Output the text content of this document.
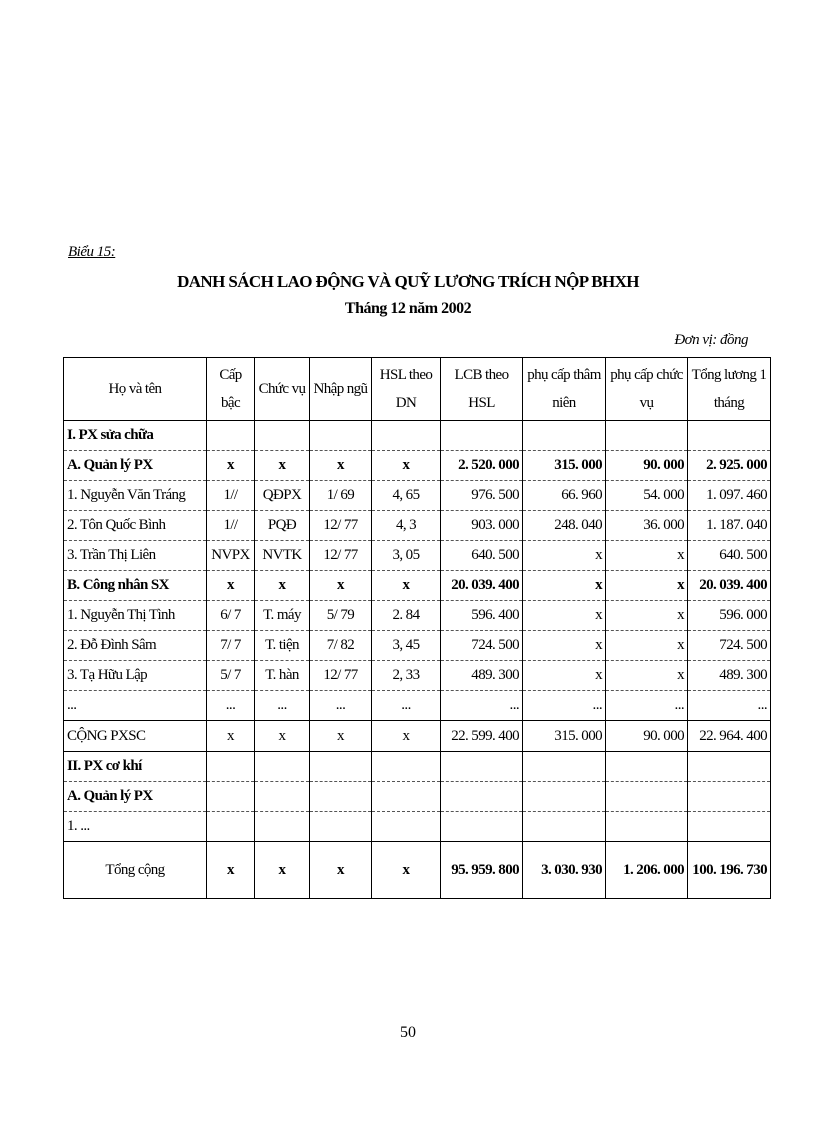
Biểu 15:
DANH SÁCH LAO ĐỘNG VÀ QUỸ LƯƠNG TRÍCH NỘP BHXH
Tháng 12 năm 2002
Đơn vị: đồng
Họ và tên	Cấp bậc	Chức vụ	Nhập ngũ	HSL theo DN	LCB theo HSL	phụ cấp thâm niên	phụ cấp chức vụ	Tổng lương 1 tháng
I. PX sửa chữa								
A. Quản lý PX	x	x	x	x	2. 520. 000	315. 000	90. 000	2. 925. 000
1. Nguyễn Văn Tráng	1//	QĐPX	1/ 69	4, 65	976. 500	66. 960	54. 000	1. 097. 460
2. Tôn Quốc Bình	1//	PQĐ	12/ 77	4, 3	903. 000	248. 040	36. 000	1. 187. 040
3. Trần Thị Liên	NVPX	NVTK	12/ 77	3, 05	640. 500	x	x	640. 500
B. Công nhân SX	x	x	x	x	20. 039. 400	x	x	20. 039. 400
1. Nguyễn Thị Tình	6/ 7	T. máy	5/ 79	2. 84	596. 400	x	x	596. 000
2. Đỗ Đình Sâm	7/ 7	T. tiện	7/ 82	3, 45	724. 500	x	x	724. 500
3. Tạ Hữu Lập	5/ 7	T. hàn	12/ 77	2, 33	489. 300	x	x	489. 300
...	...	...	...	...	...	...	...	...
CỘNG PXSC	x	x	x	x	22. 599. 400	315. 000	90. 000	22. 964. 400
II. PX cơ khí								
A. Quản lý PX								
1. ...								
Tổng cộng	x	x	x	x	95. 959. 800	3. 030. 930	1. 206. 000	100. 196. 730
50
